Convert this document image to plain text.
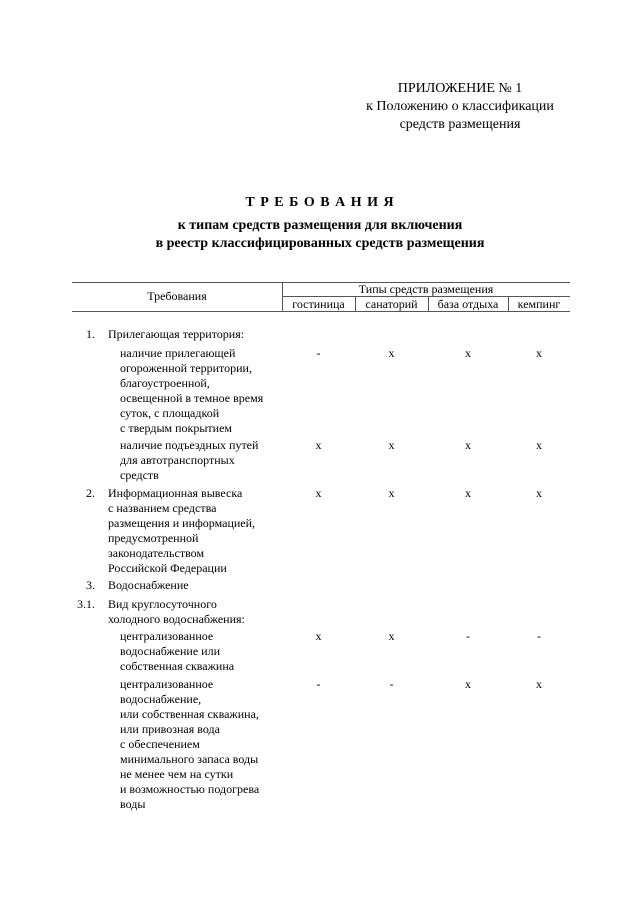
ПРИЛОЖЕНИЕ № 1
к Положению о классификации
средств размещения
Т Р Е Б О В А Н И Я
к типам средств размещения для включения
в реестр классифицированных средств размещения
Требования	Типы средств размещения
гостиница	санаторий	база отдыха	кемпинг
1. Прилегающая территория:
наличие прилегающей
огороженной территории,
благоустроенной,
освещенной в темное время
суток, с площадкой
с твердым покрытием
-	x	x	x
наличие подъездных путей
для автотранспортных
средств
x	x	x	x
2. Информационная вывеска
с названием средства
размещения и информацией,
предусмотренной
законодательством
Российской Федерации
x	x	x	x
3. Водоснабжение
3.1. Вид круглосуточного
холодного водоснабжения:
централизованное
водоснабжение или
собственная скважина
x	x	-	-
централизованное
водоснабжение,
или собственная скважина,
или привозная вода
с обеспечением
минимального запаса воды
не менее чем на сутки
и возможностью подогрева
воды
-	-	x	x
